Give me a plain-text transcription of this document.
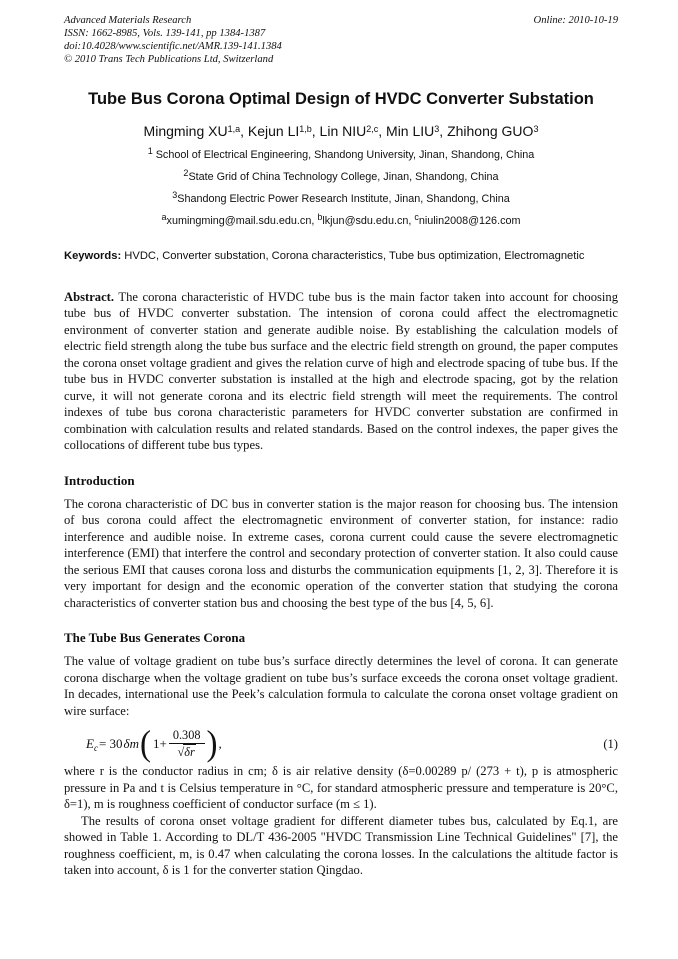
Advanced Materials Research
ISSN: 1662-8985, Vols. 139-141, pp 1384-1387
doi:10.4028/www.scientific.net/AMR.139-141.1384
© 2010 Trans Tech Publications Ltd, Switzerland
Online: 2010-10-19
Tube Bus Corona Optimal Design of HVDC Converter Substation
Mingming XU$^{1,a}$, Kejun LI$^{1,b}$, Lin NIU$^{2,c}$, Min LIU$^3$, Zhihong GUO$^3$
$^1$ School of Electrical Engineering, Shandong University, Jinan, Shandong, China
$^2$State Grid of China Technology College, Jinan, Shandong, China
$^3$Shandong Electric Power Research Institute, Jinan, Shandong, China
$^a$xumingming@mail.sdu.edu.cn, $^b$lkjun@sdu.edu.cn, $^c$niulin2008@126.com

Keywords: HVDC, Converter substation, Corona characteristics, Tube bus optimization, Electromagnetic

Abstract. The corona characteristic of HVDC tube bus is the main factor taken into account for choosing tube bus of HVDC converter substation. The intension of corona could affect the electromagnetic environment of converter station and generate audible noise. By establishing the calculation models of electric field strength along the tube bus surface and the electric field strength on ground, the paper computes the corona onset voltage gradient and gives the relation curve of high and electrode spacing of tube bus. If the tube bus in HVDC converter substation is installed at the high and electrode spacing, got by the relation curve, it will not generate corona and its electric field strength will meet the requirements. The control indexes of tube bus corona characteristic parameters for HVDC converter substation are confirmed in combination with calculation results and related standards. Based on the control indexes, the paper gives the collocations of different tube bus types.

Introduction

The corona characteristic of DC bus in converter station is the major reason for choosing bus. The intension of bus corona could affect the electromagnetic environment of converter station, for instance: radio interference and audible noise. In extreme cases, corona current could cause the severe electromagnetic interference (EMI) that interfere the control and secondary protection of converter station. It also could cause the serious EMI that causes corona loss and disturbs the communication equipments [1, 2, 3]. Therefore it is very important for design and the economic operation of the converter station that studying the corona characteristics of converter station bus and choosing the best type of the bus [4, 5, 6].

The Tube Bus Generates Corona

The value of voltage gradient on tube bus’s surface directly determines the level of corona. It can generate corona discharge when the voltage gradient on tube bus’s surface exceeds the corona onset voltage gradient. In decades, international use the Peek’s calculation formula to calculate the corona onset voltage gradient on wire surface:

E c = 30 δm ( $1+ \frac{0.308}{√\delta r}$ ) ,	(1)

where r is the conductor radius in cm; δ is air relative density (δ=0.00289 p/ (273 + t), p is atmospheric pressure in Pa and t is Celsius temperature in °C, for standard atmospheric pressure and temperature is 20°C, δ=1), m is roughness coefficient of conductor surface (m ≤ 1).

The results of corona onset voltage gradient for different diameter tubes bus, calculated by Eq.1, are showed in Table 1. According to DL/T 436-2005 "HVDC Transmission Line Technical Guidelines" [7], the roughness coefficient, m, is 0.47 when calculating the corona losses. In the calculations the altitude factor is taken into account, δ is 1 for the converter station Qingdao.
